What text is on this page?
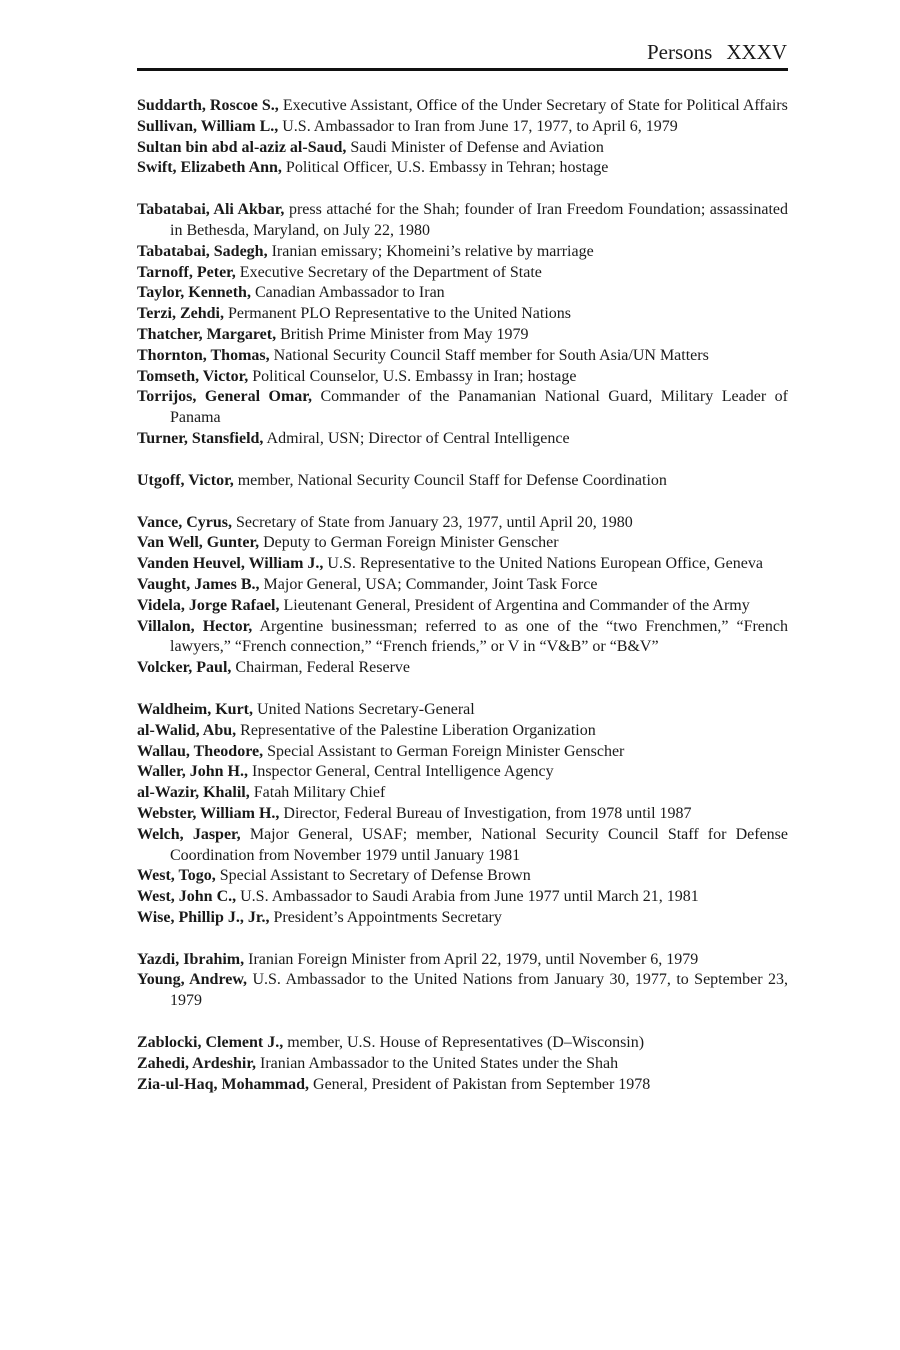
Persons XXXV

Suddarth, Roscoe S., Executive Assistant, Office of the Under Secretary of State for Political Affairs

Sullivan, William L., U.S. Ambassador to Iran from June 17, 1977, to April 6, 1979

Sultan bin abd al-aziz al-Saud, Saudi Minister of Defense and Aviation

Swift, Elizabeth Ann, Political Officer, U.S. Embassy in Tehran; hostage

Tabatabai, Ali Akbar, press attaché for the Shah; founder of Iran Freedom Foundation; assassinated in Bethesda, Maryland, on July 22, 1980

Tabatabai, Sadegh, Iranian emissary; Khomeini’s relative by marriage

Tarnoff, Peter, Executive Secretary of the Department of State

Taylor, Kenneth, Canadian Ambassador to Iran

Terzi, Zehdi, Permanent PLO Representative to the United Nations

Thatcher, Margaret, British Prime Minister from May 1979

Thornton, Thomas, National Security Council Staff member for South Asia/UN Matters

Tomseth, Victor, Political Counselor, U.S. Embassy in Iran; hostage

Torrijos, General Omar, Commander of the Panamanian National Guard, Military Leader of Panama

Turner, Stansfield, Admiral, USN; Director of Central Intelligence

Utgoff, Victor, member, National Security Council Staff for Defense Coordination

Vance, Cyrus, Secretary of State from January 23, 1977, until April 20, 1980

Van Well, Gunter, Deputy to German Foreign Minister Genscher

Vanden Heuvel, William J., U.S. Representative to the United Nations European Office, Geneva

Vaught, James B., Major General, USA; Commander, Joint Task Force

Videla, Jorge Rafael, Lieutenant General, President of Argentina and Commander of the Army

Villalon, Hector, Argentine businessman; referred to as one of the “two Frenchmen,” “French lawyers,” “French connection,” “French friends,” or V in “V&B” or “B&V”

Volcker, Paul, Chairman, Federal Reserve

Waldheim, Kurt, United Nations Secretary-General

al-Walid, Abu, Representative of the Palestine Liberation Organization

Wallau, Theodore, Special Assistant to German Foreign Minister Genscher

Waller, John H., Inspector General, Central Intelligence Agency

al-Wazir, Khalil, Fatah Military Chief

Webster, William H., Director, Federal Bureau of Investigation, from 1978 until 1987

Welch, Jasper, Major General, USAF; member, National Security Council Staff for Defense Coordination from November 1979 until January 1981

West, Togo, Special Assistant to Secretary of Defense Brown

West, John C., U.S. Ambassador to Saudi Arabia from June 1977 until March 21, 1981

Wise, Phillip J., Jr., President’s Appointments Secretary

Yazdi, Ibrahim, Iranian Foreign Minister from April 22, 1979, until November 6, 1979

Young, Andrew, U.S. Ambassador to the United Nations from January 30, 1977, to September 23, 1979

Zablocki, Clement J., member, U.S. House of Representatives (D–Wisconsin)

Zahedi, Ardeshir, Iranian Ambassador to the United States under the Shah

Zia-ul-Haq, Mohammad, General, President of Pakistan from September 1978
